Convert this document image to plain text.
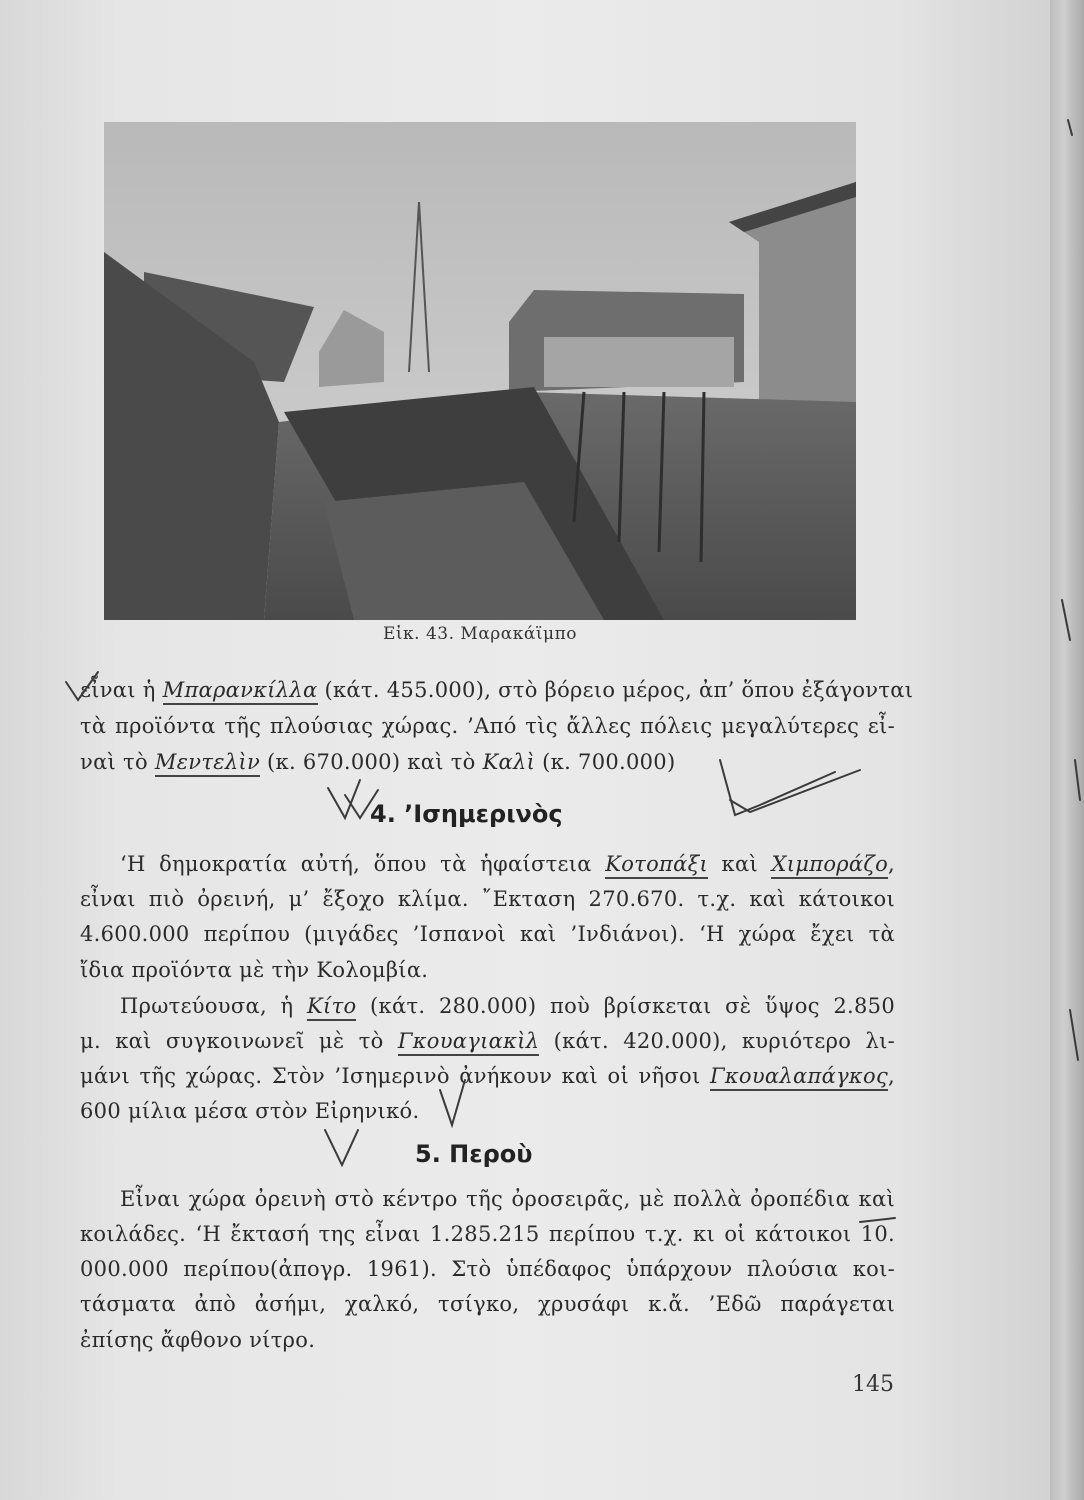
Εἰκ. 43. Μαρακάϊμπο
εἶναι ἡ Μπαρανκίλλα (κάτ. 455.000), στὸ βόρειο μέρος, ἀπ’ ὅπου ἐξάγονται
τὰ προϊόντα τῆς πλούσιας χώρας. ’Από τὶς ἄλλες πόλεις μεγαλύτερες εἶ-
ναὶ τὸ Μεντελὶν (κ. 670.000) καὶ τὸ Καλὶ (κ. 700.000)
4. ’Ισημερινὸς
‘Η δημοκρατία αὐτή, ὅπου τὰ ἡφαίστεια Κοτοπάξι καὶ Χιμποράζο,
εἶναι πιὸ ὀρεινή, μ’ ἔξοχο κλίμα. ῎Εκταση 270.670. τ.χ. καὶ κάτοικοι
4.600.000 περίπου (μιγάδες ’Ισπανοὶ καὶ ’Ινδιάνοι). ‘Η χώρα ἔχει τὰ
ἴδια προϊόντα μὲ τὴν Κολομβία.
Πρωτεύουσα, ἡ Κίτο (κάτ. 280.000) ποὺ βρίσκεται σὲ ὕψος 2.850
μ. καὶ συγκοινωνεῖ μὲ τὸ Γκουαγιακὶλ (κάτ. 420.000), κυριότερο λι-
μάνι τῆς χώρας. Στὸν ’Ισημερινὸ ἀνήκουν καὶ οἱ νῆσοι Γκουαλαπάγκος,
600 μίλια μέσα στὸν Εἰρηνικό.
5. Περοὺ
Εἶναι χώρα ὀρεινὴ στὸ κέντρο τῆς ὀροσειρᾶς, μὲ πολλὰ ὀροπέδια καὶ
κοιλάδες. ‘Η ἔκτασή της εἶναι 1.285.215 περίπου τ.χ. κι οἱ κάτοικοι 10.
000.000 περίπου(ἀπογρ. 1961). Στὸ ὑπέδαφος ὑπάρχουν πλούσια κοι-
τάσματα ἀπὸ ἀσήμι, χαλκό, τσίγκο, χρυσάφι κ.ἄ. ’Εδῶ παράγεται
ἐπίσης ἄφθονο νίτρο.
145
